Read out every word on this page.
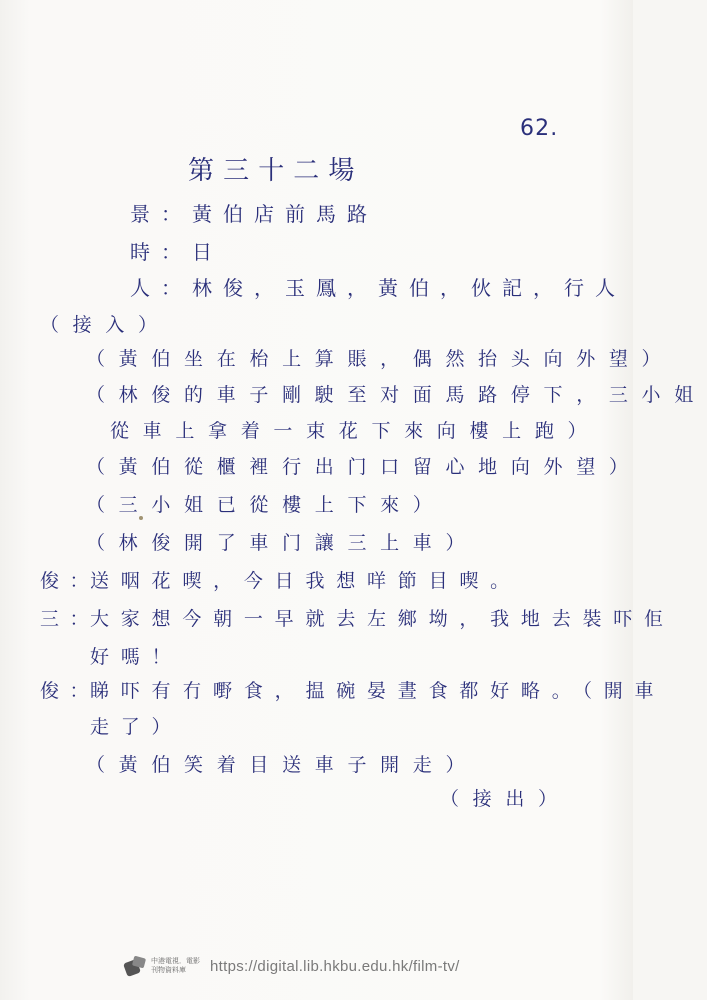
62.
第三十二場
景：黃伯店前馬路
時：日
人：林俊，玉鳳，黃伯，伙記，行人
（接入）
（黃伯坐在枱上算賬，偶然抬头向外望）
（林俊的車子剛駛至对面馬路停下，三小姐
從車上拿着一束花下來向樓上跑）
（黃伯從櫃裡行出门口留心地向外望）
（三小姐已從樓上下來）
（林俊開了車门讓三上車）
俊：
送咽花喫，今日我想咩節目喫。
三：
大家想今朝一早就去左鄉坳，我地去裝吓佢
好嗎！
俊：
睇吓有冇嘢食，揾碗晏晝食都好略。（開車
走了）
（黃伯笑着目送車子開走）
（接出）
中港電視．電影
刊物資料庫	https://digital.lib.hkbu.edu.hk/film-tv/
